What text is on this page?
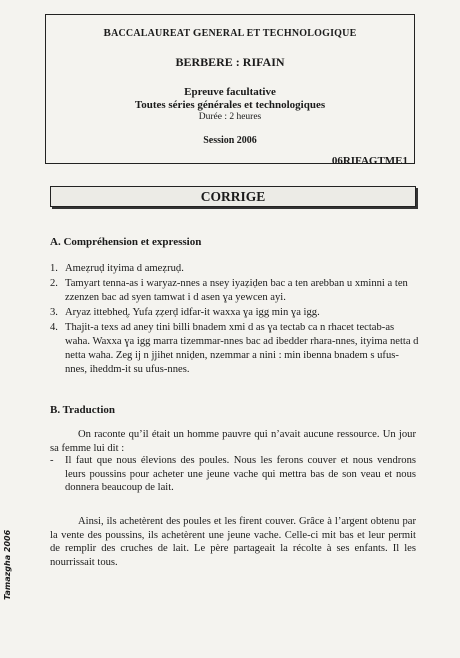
BACCALAUREAT GENERAL ET TECHNOLOGIQUE
BERBERE : RIFAIN
Epreuve facultative
Toutes séries générales et technologiques
Durée : 2 heures
Session 2006
06RIFAGTME1
CORRIGE
A. Compréhension et expression
1. Ameẓruḍ ityima d ameẓruḍ.
2. Tamyart tenna-as i waryaz-nnes a nsey iyaẓiḍen bac a ten arebban u xminni a ten zzenzen bac ad syen tamwat i d asen ɣa yewcen ayi.
3. Aryaz ittebhed̥. Yufa ẓẓerḍ idfar-it waxxa ɣa igg min ɣa igg.
4. Thajit-a texs ad aney tini billi bnadem xmi d as ɣa tectab ca n rhacet tectab-as waha. Waxxa ɣa igg marra tizemmar-nnes bac ad ibedder rhara-nnes, ityima netta d netta waha. Zeg ij n jjihet nniḍen, nzemmar a nini : min ibenna bnadem s ufus-nnes, iheddm-it su ufus-nnes.
B. Traduction
On raconte qu’il était un homme pauvre qui n’avait aucune ressource. Un jour sa femme lui dit :
-	Il faut que nous élevions des poules. Nous les ferons couver et nous vendrons leurs poussins pour acheter une jeune vache qui mettra bas de son veau et nous donnera beaucoup de lait.
Ainsi, ils achetèrent des poules et les firent couver. Grâce à l’argent obtenu par la vente des poussins, ils achetèrent une jeune vache. Celle-ci mit bas et leur permit de remplir des cruches de lait. Le père partageait la récolte à ses enfants. Il les nourrissait tous.
Tamazgha 2006
